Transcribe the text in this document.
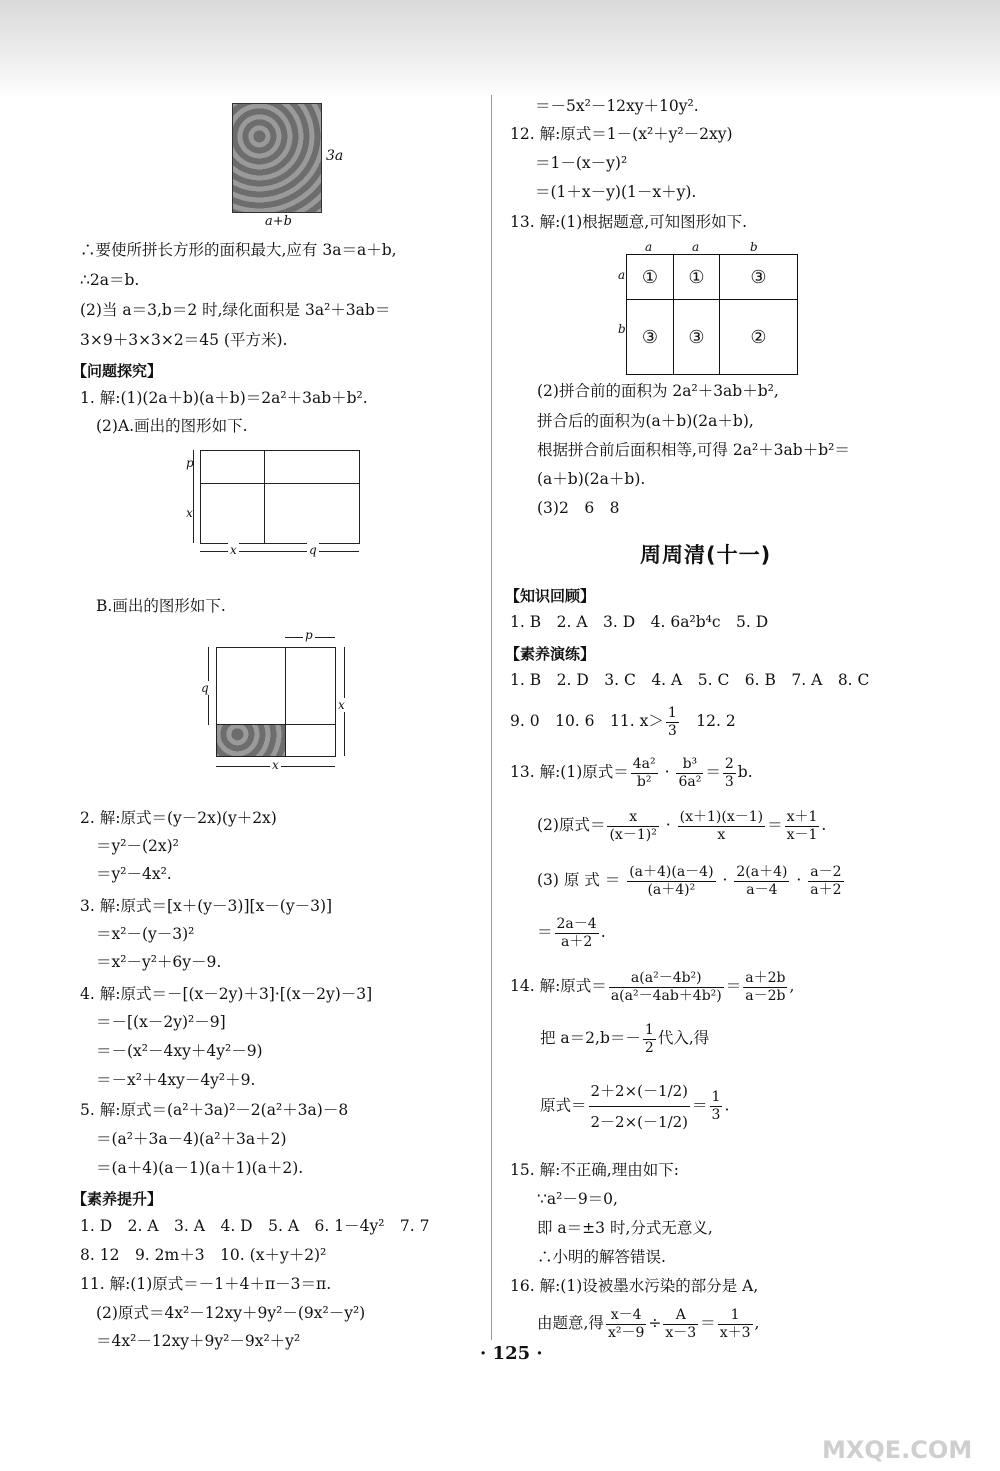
3a
a+b
∴要使所拼长方形的面积最大,应有 3a＝a＋b,
∴2a＝b.
(2)当 a＝3,b＝2 时,绿化面积是 3a²＋3ab＝
3×9＋3×3×2＝45 (平方米).
【问题探究】
1. 解:(1)(2a＋b)(a＋b)＝2a²＋3ab＋b².
(2)A.画出的图形如下.
p
x
x	q
B.画出的图形如下.
p
q
x
x
2. 解:原式＝(y－2x)(y＋2x)
＝y²－(2x)²
＝y²－4x².
3. 解:原式＝[x＋(y－3)][x－(y－3)]
＝x²－(y－3)²
＝x²－y²＋6y－9.
4. 解:原式＝－[(x－2y)＋3]·[(x－2y)－3]
＝－[(x－2y)²－9]
＝－(x²－4xy＋4y²－9)
＝－x²＋4xy－4y²＋9.
5. 解:原式＝(a²＋3a)²－2(a²＋3a)－8
＝(a²＋3a－4)(a²＋3a＋2)
＝(a＋4)(a－1)(a＋1)(a＋2).
【素养提升】
1. D　2. A　3. A　4. D　5. A　6. 1－4y²　7. 7
8. 12　9. 2m＋3　10. (x＋y＋2)²
11. 解:(1)原式＝－1＋4＋π－3＝π.
(2)原式＝4x²－12xy＋9y²－(9x²－y²)
＝4x²－12xy＋9y²－9x²＋y²
＝－5x²－12xy＋10y².
12. 解:原式＝1－(x²＋y²－2xy)
＝1－(x－y)²
＝(1＋x－y)(1－x＋y).
13. 解:(1)根据题意,可知图形如下.
a	a	b
a
b
①	①	③
③	③	②
(2)拼合前的面积为 2a²＋3ab＋b²,
拼合后的面积为(a＋b)(2a＋b),
根据拼合前后面积相等,可得 2a²＋3ab＋b²＝
(a＋b)(2a＋b).
(3)2　6　8
周周清(十一)
【知识回顾】
1. B　2. A　3. D　4. 6a²b⁴c　5. D
【素养演练】
1. B　2. D　3. C　4. A　5. C　6. B　7. A　8. C
9. 0　10. 6　11. $x> \frac{1}{3}$
　 12. 2
13. 解:(1)原式＝ $\frac{\text{4a²}}{\text{b²}} \cdot \frac{\text{b³}}{\text{6a²}} = \frac{2}{3} b$.
(2)原式＝ $\frac{x}{\text{(x－1)²}} \cdot \frac{(x+1)(x-1)}{x} = \frac{x+1}{x-1}$ .
(3) 原 式 ＝ $\frac{(a+4)(a-4)}{\text{(a＋4)²}} \cdot \frac{2(a+4)}{a-4} \cdot \frac{a-2}{a+2}$
＝ $\frac{2a-4}{a+2}$ .
14. 解:原式＝ $\frac{\text{a(a²－4b²)}}{\text{a(a²－4ab＋4b²)}} = \frac{a+2b}{a-2b}$ ,
把 $a=2,b=- \frac{1}{2}$ 代入,得
原式＝ $\frac{2+2\times(-1/2)}{2-2\times(-1/2)} = \frac{1}{3}$ .
15. 解:不正确,理由如下:
∵a²－9＝0,
即 a＝±3 时,分式无意义,
∴小明的解答错误.
16. 解:(1)设被墨水污染的部分是 A,
由题意,得 $\frac{x-4}{\text{x²－9}} \div \frac{A}{x-3} = \frac{1}{x+3}$ ,
· 125 ·
MXQE.COM
